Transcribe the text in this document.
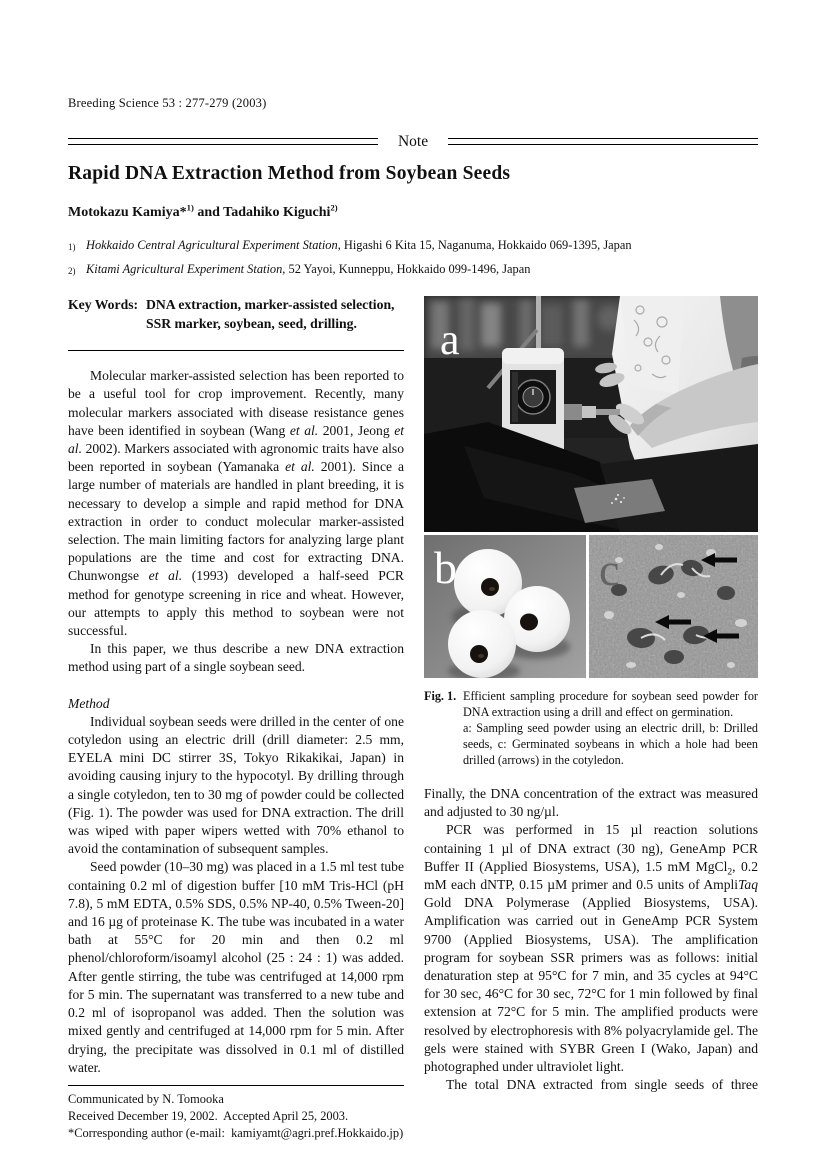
Breeding Science 53 : 277-279 (2003)
Note
Rapid DNA Extraction Method from Soybean Seeds
Motokazu Kamiya*$^{1)}$ and Tadahiko Kiguchi$^{2)}$
1) Hokkaido Central Agricultural Experiment Station, Higashi 6 Kita 15, Naganuma, Hokkaido 069-1395, Japan
2) Kitami Agricultural Experiment Station, 52 Yayoi, Kunneppu, Hokkaido 099-1496, Japan
Key Words: DNA extraction, marker-assisted selection, SSR marker, soybean, seed, drilling.

Molecular marker-assisted selection has been reported to be a useful tool for crop improvement. Recently, many molecular markers associated with disease resistance genes have been identified in soybean (Wang et al. 2001, Jeong et al. 2002). Markers associated with agronomic traits have also been reported in soybean (Yamanaka et al. 2001). Since a large number of materials are handled in plant breeding, it is necessary to develop a simple and rapid method for DNA extraction in order to conduct molecular marker-assisted selection. The main limiting factors for analyzing large plant populations are the time and cost for extracting DNA. Chunwongse et al. (1993) developed a half-seed PCR method for genotype screening in rice and wheat. However, our attempts to apply this method to soybean were not successful.

In this paper, we thus describe a new DNA extraction method using part of a single soybean seed.

Method

Individual soybean seeds were drilled in the center of one cotyledon using an electric drill (drill diameter: 2.5 mm, EYELA mini DC stirrer 3S, Tokyo Rikakikai, Japan) in avoiding causing injury to the hypocotyl. By drilling through a single cotyledon, ten to 30 mg of powder could be collected (Fig. 1). The powder was used for DNA extraction. The drill was wiped with paper wipers wetted with 70% ethanol to avoid the contamination of subsequent samples.

Seed powder (10–30 mg) was placed in a 1.5 ml test tube containing 0.2 ml of digestion buffer [10 mM Tris-HCl (pH 7.8), 5 mM EDTA, 0.5% SDS, 0.5% NP-40, 0.5% Tween-20] and 16 µg of proteinase K. The tube was incubated in a water bath at 55°C for 20 min and then 0.2 ml phenol/chloroform/isoamyl alcohol (25 : 24 : 1) was added. After gentle stirring, the tube was centrifuged at 14,000 rpm for 5 min. The supernatant was transferred to a new tube and 0.2 ml of isopropanol was added. Then the solution was mixed gently and centrifuged at 14,000 rpm for 5 min. After drying, the precipitate was dissolved in 0.1 ml of distilled water.

Communicated by N. Tomooka
Received December 19, 2002.  Accepted April 25, 2003.
*Corresponding author (e-mail:  kamiyamt@agri.pref.Hokkaido.jp)
a
b	c
Fig. 1. Efficient sampling procedure for soybean seed powder for DNA extraction using a drill and effect on germination.
a: Sampling seed powder using an electric drill, b: Drilled seeds, c: Germinated soybeans in which a hole had been drilled (arrows) in the cotyledon.

Finally, the DNA concentration of the extract was measured and adjusted to 30 ng/µl.

PCR was performed in 15 µl reaction solutions containing 1 µl of DNA extract (30 ng), GeneAmp PCR Buffer II (Applied Biosystems, USA), 1.5 mM MgCl$_2$, 0.2 mM each dNTP, 0.15 µM primer and 0.5 units of AmpliTaq Gold DNA Polymerase (Applied Biosystems, USA). Amplification was carried out in GeneAmp PCR System 9700 (Applied Biosystems, USA). The amplification program for soybean SSR primers was as follows: initial denaturation step at 95°C for 7 min, and 35 cycles at 94°C for 30 sec, 46°C for 30 sec, 72°C for 1 min followed by final extension at 72°C for 5 min. The amplified products were resolved by electrophoresis with 8% polyacrylamide gel. The gels were stained with SYBR Green I (Wako, Japan) and photographed under ultraviolet light.

The total DNA extracted from single seeds of three
